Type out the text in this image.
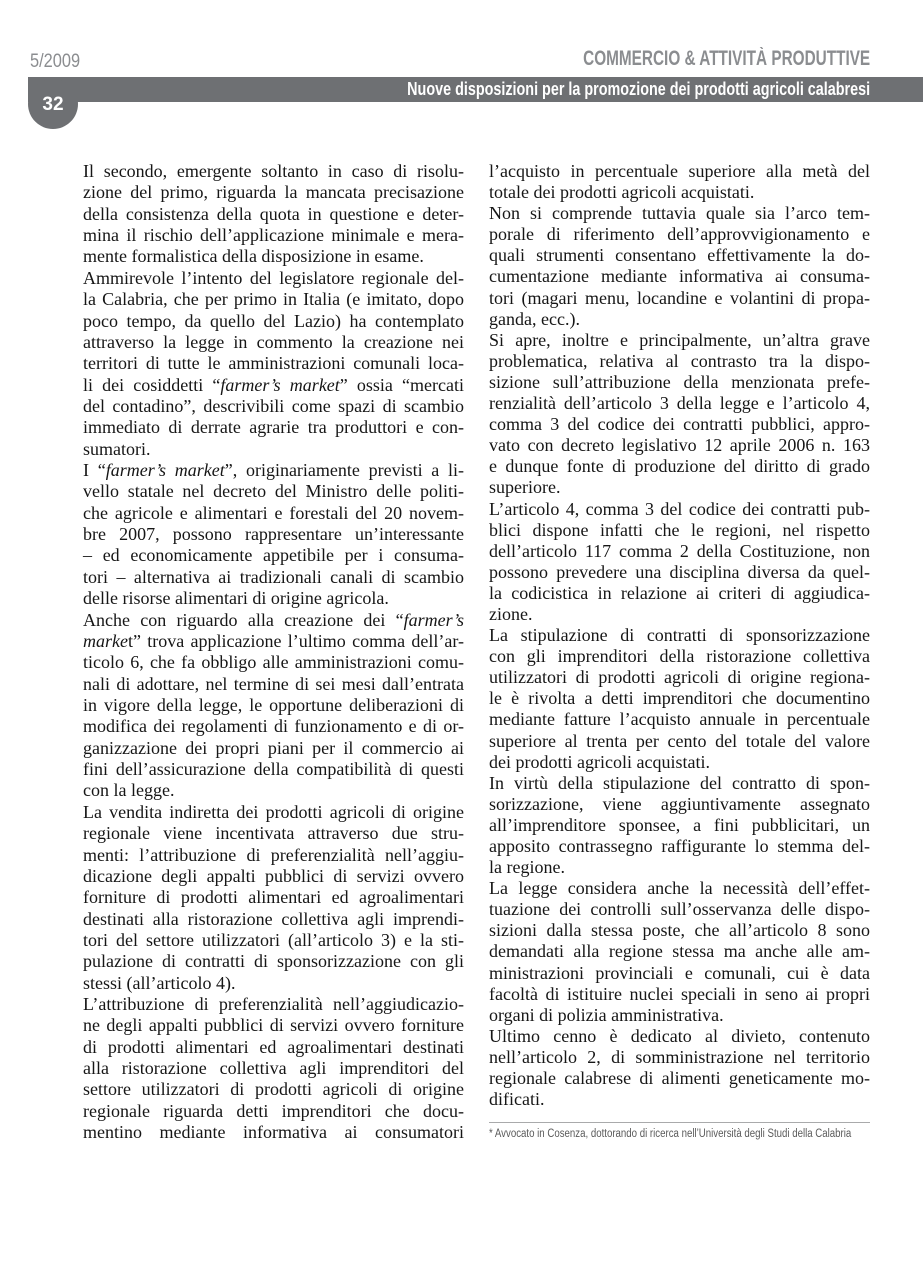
5/2009	COMMERCIO & ATTIVITÀ PRODUTTIVE
Nuove disposizioni per la promozione dei prodotti agricoli calabresi
32
Il secondo, emergente soltanto in caso di risolu-
zione del primo, riguarda la mancata precisazione
della consistenza della quota in questione e deter-
mina il rischio dell’applicazione minimale e mera-
mente formalistica della disposizione in esame.
Ammirevole l’intento del legislatore regionale del-
la Calabria, che per primo in Italia (e imitato, dopo
poco tempo, da quello del Lazio) ha contemplato
attraverso la legge in commento la creazione nei
territori di tutte le amministrazioni comunali loca-
li dei cosiddetti “farmer’s market” ossia “mercati
del contadino”, descrivibili come spazi di scambio
immediato di derrate agrarie tra produttori e con-
sumatori.
I “farmer’s market”, originariamente previsti a li-
vello statale nel decreto del Ministro delle politi-
che agricole e alimentari e forestali del 20 novem-
bre 2007, possono rappresentare un’interessante
– ed economicamente appetibile per i consuma-
tori – alternativa ai tradizionali canali di scambio
delle risorse alimentari di origine agricola.
Anche con riguardo alla creazione dei “farmer’s
market” trova applicazione l’ultimo comma dell’ar-
ticolo 6, che fa obbligo alle amministrazioni comu-
nali di adottare, nel termine di sei mesi dall’entrata
in vigore della legge, le opportune deliberazioni di
modifica dei regolamenti di funzionamento e di or-
ganizzazione dei propri piani per il commercio ai
fini dell’assicurazione della compatibilità di questi
con la legge.
La vendita indiretta dei prodotti agricoli di origine
regionale viene incentivata attraverso due stru-
menti: l’attribuzione di preferenzialità nell’aggiu-
dicazione degli appalti pubblici di servizi ovvero
forniture di prodotti alimentari ed agroalimentari
destinati alla ristorazione collettiva agli imprendi-
tori del settore utilizzatori (all’articolo 3) e la sti-
pulazione di contratti di sponsorizzazione con gli
stessi (all’articolo 4).
L’attribuzione di preferenzialità nell’aggiudicazio-
ne degli appalti pubblici di servizi ovvero forniture
di prodotti alimentari ed agroalimentari destinati
alla ristorazione collettiva agli imprenditori del
settore utilizzatori di prodotti agricoli di origine
regionale riguarda detti imprenditori che docu-
mentino mediante informativa ai consumatori
l’acquisto in percentuale superiore alla metà del
totale dei prodotti agricoli acquistati.
Non si comprende tuttavia quale sia l’arco tem-
porale di riferimento dell’approvvigionamento e
quali strumenti consentano effettivamente la do-
cumentazione mediante informativa ai consuma-
tori (magari menu, locandine e volantini di propa-
ganda, ecc.).
Si apre, inoltre e principalmente, un’altra grave
problematica, relativa al contrasto tra la dispo-
sizione sull’attribuzione della menzionata prefe-
renzialità dell’articolo 3 della legge e l’articolo 4,
comma 3 del codice dei contratti pubblici, appro-
vato con decreto legislativo 12 aprile 2006 n. 163
e dunque fonte di produzione del diritto di grado
superiore.
L’articolo 4, comma 3 del codice dei contratti pub-
blici dispone infatti che le regioni, nel rispetto
dell’articolo 117 comma 2 della Costituzione, non
possono prevedere una disciplina diversa da quel-
la codicistica in relazione ai criteri di aggiudica-
zione.
La stipulazione di contratti di sponsorizzazione
con gli imprenditori della ristorazione collettiva
utilizzatori di prodotti agricoli di origine regiona-
le è rivolta a detti imprenditori che documentino
mediante fatture l’acquisto annuale in percentuale
superiore al trenta per cento del totale del valore
dei prodotti agricoli acquistati.
In virtù della stipulazione del contratto di spon-
sorizzazione, viene aggiuntivamente assegnato
all’imprenditore sponsee, a fini pubblicitari, un
apposito contrassegno raffigurante lo stemma del-
la regione.
La legge considera anche la necessità dell’effet-
tuazione dei controlli sull’osservanza delle dispo-
sizioni dalla stessa poste, che all’articolo 8 sono
demandati alla regione stessa ma anche alle am-
ministrazioni provinciali e comunali, cui è data
facoltà di istituire nuclei speciali in seno ai propri
organi di polizia amministrativa.
Ultimo cenno è dedicato al divieto, contenuto
nell’articolo 2, di somministrazione nel territorio
regionale calabrese di alimenti geneticamente mo-
dificati.
* Avvocato in Cosenza, dottorando di ricerca nell’Università degli Studi della Calabria
